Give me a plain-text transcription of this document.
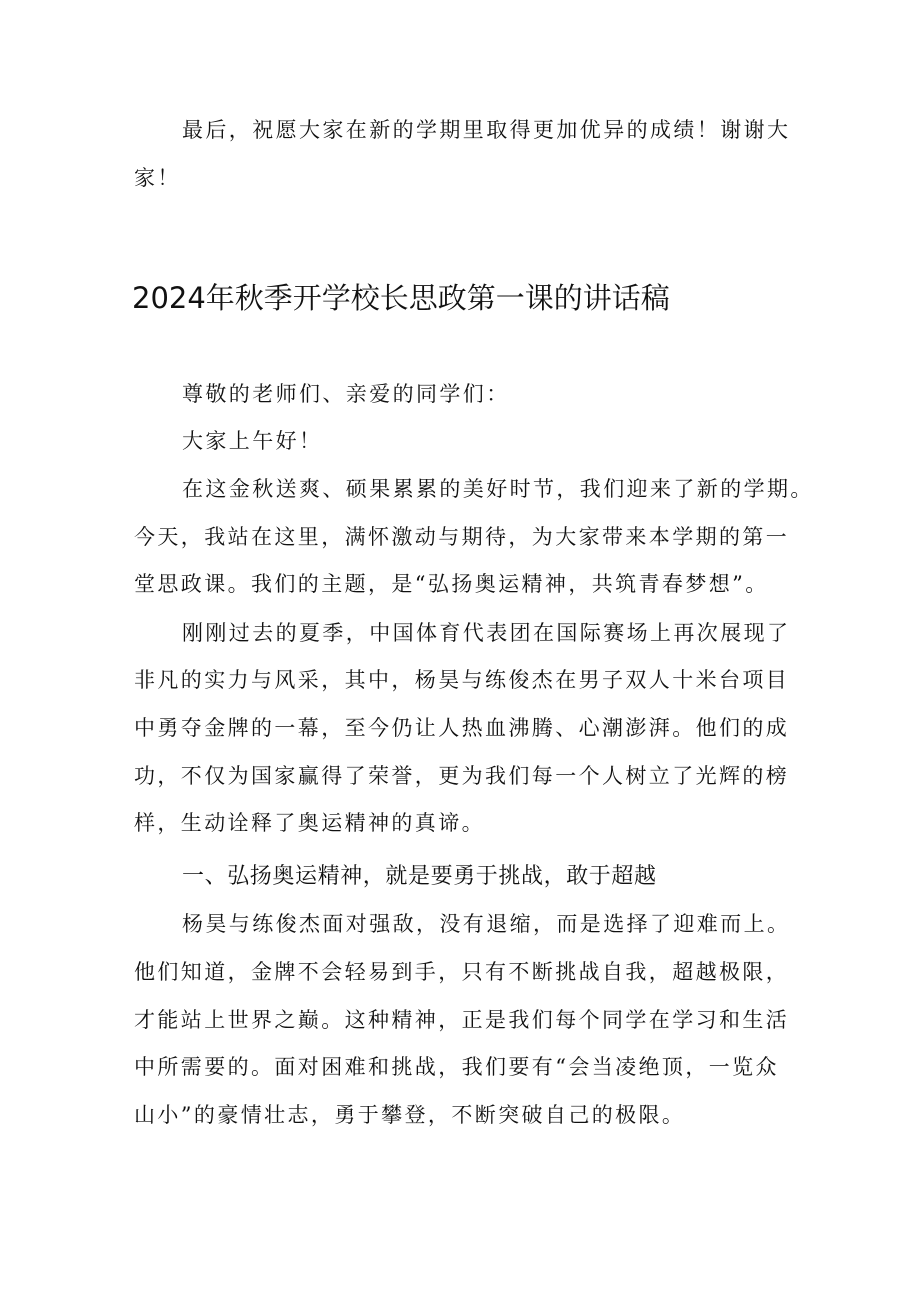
最后，祝愿大家在新的学期里取得更加优异的成绩！谢谢大
家！
2024年秋季开学校长思政第一课的讲话稿
尊敬的老师们、亲爱的同学们：
大家上午好！
在这金秋送爽、硕果累累的美好时节，我们迎来了新的学期。
今天，我站在这里，满怀激动与期待，为大家带来本学期的第一
堂思政课。我们的主题，是“弘扬奥运精神，共筑青春梦想”。
刚刚过去的夏季，中国体育代表团在国际赛场上再次展现了
非凡的实力与风采，其中，杨昊与练俊杰在男子双人十米台项目
中勇夺金牌的一幕，至今仍让人热血沸腾、心潮澎湃。他们的成
功，不仅为国家赢得了荣誉，更为我们每一个人树立了光辉的榜
样，生动诠释了奥运精神的真谛。
一、弘扬奥运精神，就是要勇于挑战，敢于超越
杨昊与练俊杰面对强敌，没有退缩，而是选择了迎难而上。
他们知道，金牌不会轻易到手，只有不断挑战自我，超越极限，
才能站上世界之巅。这种精神，正是我们每个同学在学习和生活
中所需要的。面对困难和挑战，我们要有“会当凌绝顶，一览众
山小”的豪情壮志，勇于攀登，不断突破自己的极限。
